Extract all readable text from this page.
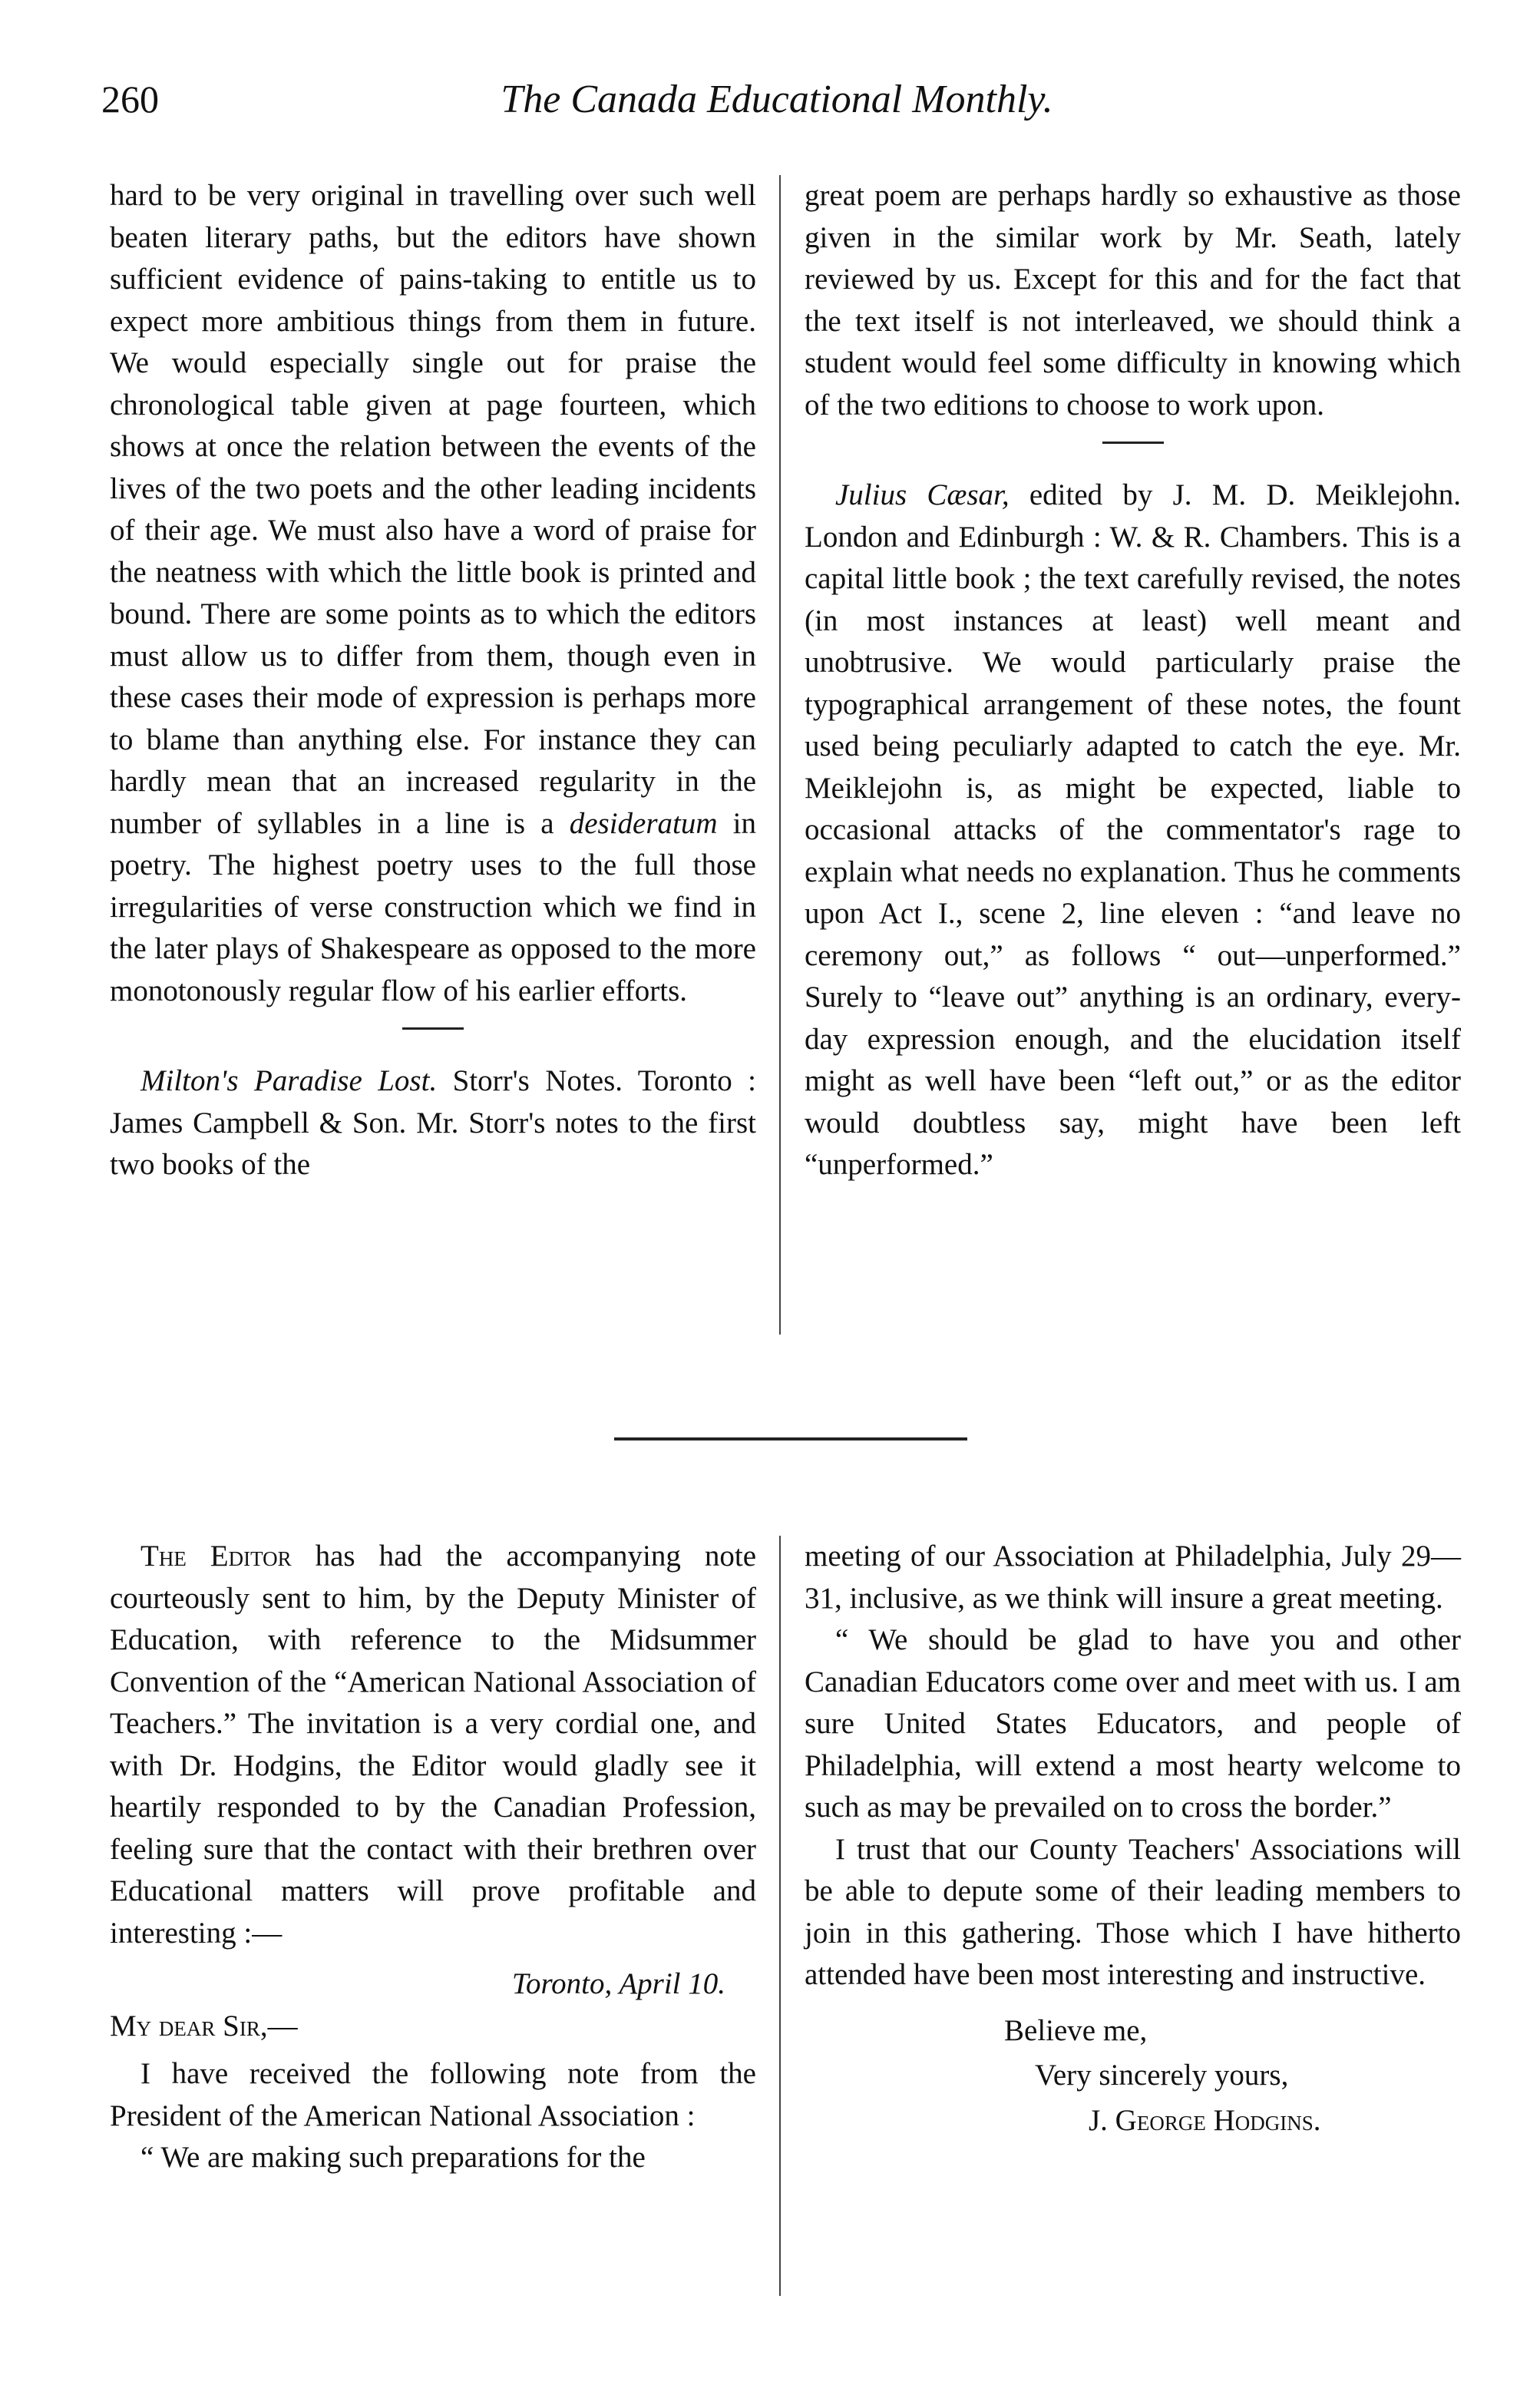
260	The Canada Educational Monthly.

hard to be very original in travelling over such well beaten literary paths, but the editors have shown sufficient evidence of pains-taking to entitle us to expect more ambitious things from them in future. We would especially single out for praise the chronological table given at page fourteen, which shows at once the relation between the events of the lives of the two poets and the other leading incidents of their age. We must also have a word of praise for the neatness with which the little book is printed and bound. There are some points as to which the editors must allow us to differ from them, though even in these cases their mode of expression is perhaps more to blame than anything else. For instance they can hardly mean that an increased regularity in the number of syllables in a line is a desideratum in poetry. The highest poetry uses to the full those irregularities of verse construction which we find in the later plays of Shakespeare as opposed to the more monotonously regular flow of his earlier efforts.

Milton's Paradise Lost. Storr's Notes. Toronto : James Campbell & Son. Mr. Storr's notes to the first two books of the

great poem are perhaps hardly so exhaustive as those given in the similar work by Mr. Seath, lately reviewed by us. Except for this and for the fact that the text itself is not interleaved, we should think a student would feel some difficulty in knowing which of the two editions to choose to work upon.

Julius Cæsar, edited by J. M. D. Meiklejohn. London and Edinburgh : W. & R. Chambers. This is a capital little book ; the text carefully revised, the notes (in most instances at least) well meant and unobtrusive. We would particularly praise the typographical arrangement of these notes, the fount used being peculiarly adapted to catch the eye. Mr. Meiklejohn is, as might be expected, liable to occasional attacks of the commentator's rage to explain what needs no explanation. Thus he comments upon Act I., scene 2, line eleven : “and leave no ceremony out,” as follows “ out—unperformed.” Surely to “leave out” anything is an ordinary, every-day expression enough, and the elucidation itself might as well have been “left out,” or as the editor would doubtless say, might have been left “unperformed.”

The Editor has had the accompanying note courteously sent to him, by the Deputy Minister of Education, with reference to the Midsummer Convention of the “American National Association of Teachers.” The invitation is a very cordial one, and with Dr. Hodgins, the Editor would gladly see it heartily responded to by the Canadian Profession, feeling sure that the contact with their brethren over Educational matters will prove profitable and interesting :—

Toronto, April 10.

My dear Sir,—

I have received the following note from the President of the American National Association :

“ We are making such preparations for the

meeting of our Association at Philadelphia, July 29—31, inclusive, as we think will insure a great meeting.

“ We should be glad to have you and other Canadian Educators come over and meet with us. I am sure United States Educators, and people of Philadelphia, will extend a most hearty welcome to such as may be prevailed on to cross the border.”

I trust that our County Teachers' Associations will be able to depute some of their leading members to join in this gathering. Those which I have hitherto attended have been most interesting and instructive.

Believe me,

Very sincerely yours,

J. George Hodgins.
